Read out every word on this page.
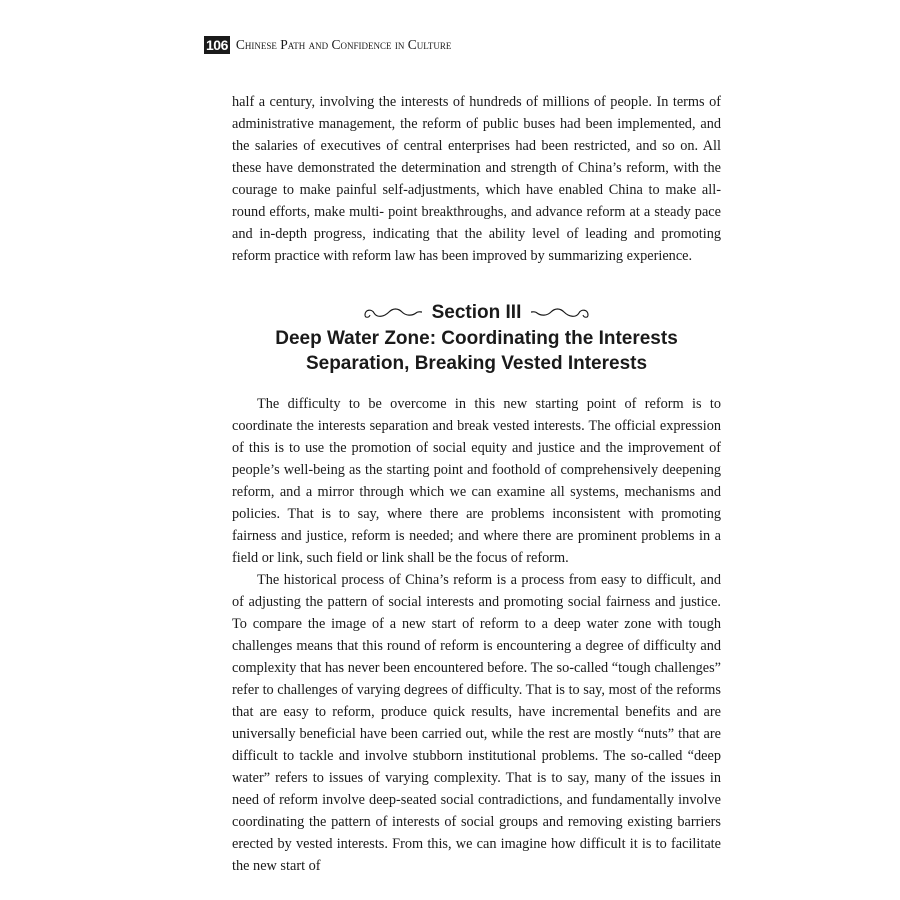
106 Chinese Path and Confidence in Culture

half a century, involving the interests of hundreds of millions of people. In terms of administrative management, the reform of public buses had been implemented, and the salaries of executives of central enterprises had been restricted, and so on. All these have demonstrated the determination and strength of China’s reform, with the courage to make painful self-adjustments, which have enabled China to make all-round efforts, make multi- point breakthroughs, and advance reform at a steady pace and in-depth progress, indicating that the ability level of leading and promoting reform practice with reform law has been improved by summarizing experience.

Section III
Deep Water Zone: Coordinating the Interests
Separation, Breaking Vested Interests

The difficulty to be overcome in this new starting point of reform is to coordinate the interests separation and break vested interests. The official expression of this is to use the promotion of social equity and justice and the improvement of people’s well-being as the starting point and foothold of comprehensively deepening reform, and a mirror through which we can examine all systems, mechanisms and policies. That is to say, where there are problems inconsistent with promoting fairness and justice, reform is needed; and where there are prominent problems in a field or link, such field or link shall be the focus of reform.

The historical process of China’s reform is a process from easy to difficult, and of adjusting the pattern of social interests and promoting social fairness and justice. To compare the image of a new start of reform to a deep water zone with tough challenges means that this round of reform is encountering a degree of difficulty and complexity that has never been encountered before. The so-called “tough challenges” refer to challenges of varying degrees of difficulty. That is to say, most of the reforms that are easy to reform, produce quick results, have incremental benefits and are universally beneficial have been carried out, while the rest are mostly “nuts” that are difficult to tackle and involve stubborn institutional problems. The so-called “deep water” refers to issues of varying complexity. That is to say, many of the issues in need of reform involve deep-seated social contradictions, and fundamentally involve coordinating the pattern of interests of social groups and removing existing barriers erected by vested interests. From this, we can imagine how difficult it is to facilitate the new start of
